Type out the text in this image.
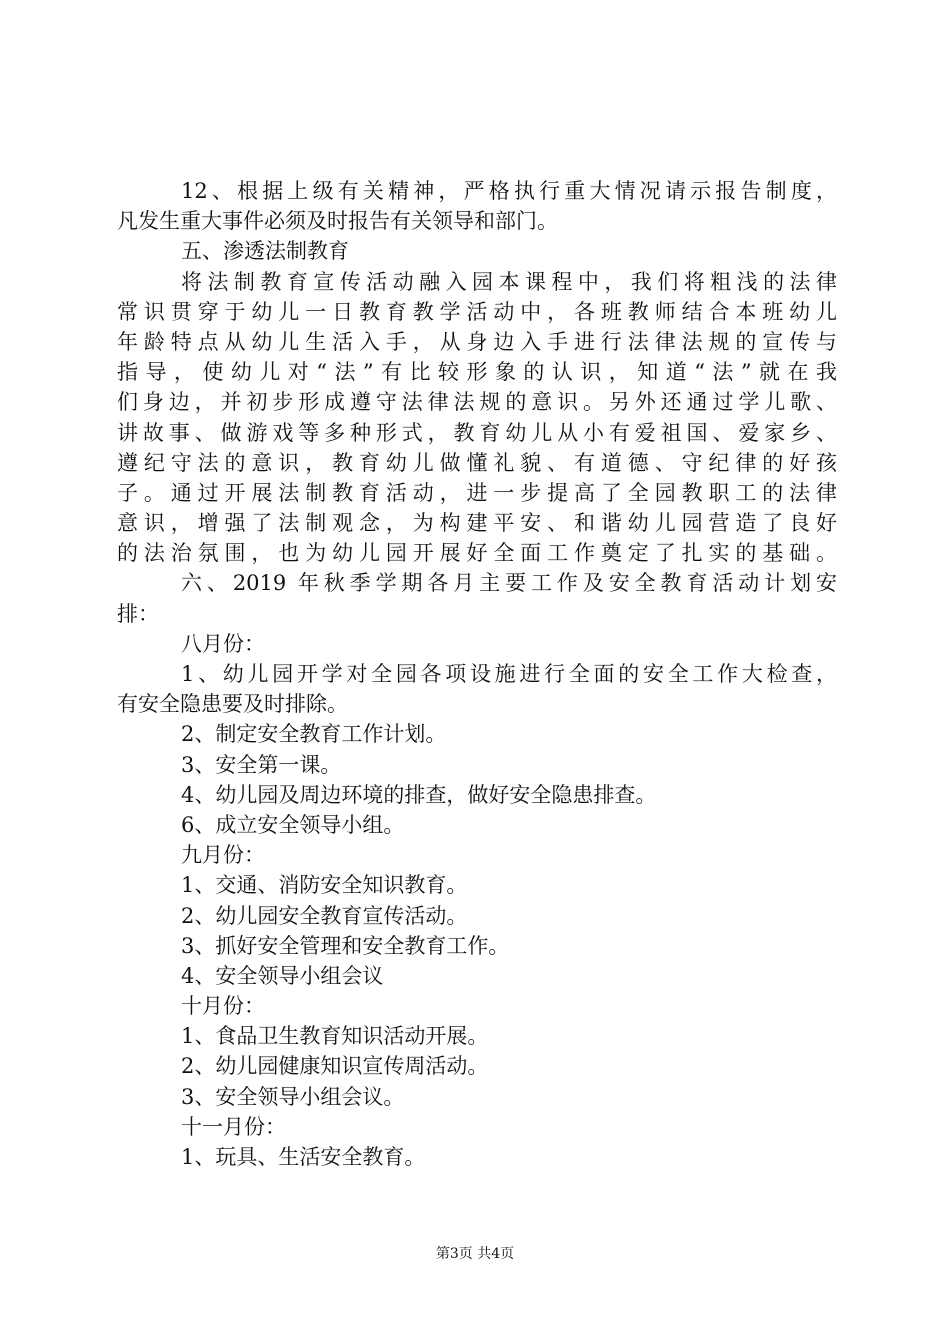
12、根据上级有关精神，严格执行重大情况请示报告制度，
凡发生重大事件必须及时报告有关领导和部门。
五、渗透法制教育
将法制教育宣传活动融入园本课程中，我们将粗浅的法律
常识贯穿于幼儿一日教育教学活动中，各班教师结合本班幼儿
年龄特点从幼儿生活入手，从身边入手进行法律法规的宣传与
指导，使幼儿对“法”有比较形象的认识，知道“法”就在我
们身边，并初步形成遵守法律法规的意识。另外还通过学儿歌、
讲故事、做游戏等多种形式，教育幼儿从小有爱祖国、爱家乡、
遵纪守法的意识，教育幼儿做懂礼貌、有道德、守纪律的好孩
子。通过开展法制教育活动，进一步提高了全园教职工的法律
意识，增强了法制观念，为构建平安、和谐幼儿园营造了良好
的法治氛围，也为幼儿园开展好全面工作奠定了扎实的基础。
六、2019 年秋季学期各月主要工作及安全教育活动计划安
排：
八月份：
1、幼儿园开学对全园各项设施进行全面的安全工作大检查，
有安全隐患要及时排除。
2、制定安全教育工作计划。
3、安全第一课。
4、幼儿园及周边环境的排查，做好安全隐患排查。
6、成立安全领导小组。
九月份：
1、交通、消防安全知识教育。
2、幼儿园安全教育宣传活动。
3、抓好安全管理和安全教育工作。
4、安全领导小组会议
十月份：
1、食品卫生教育知识活动开展。
2、幼儿园健康知识宣传周活动。
3、安全领导小组会议。
十一月份：
1、玩具、生活安全教育。
第3页 共4页
